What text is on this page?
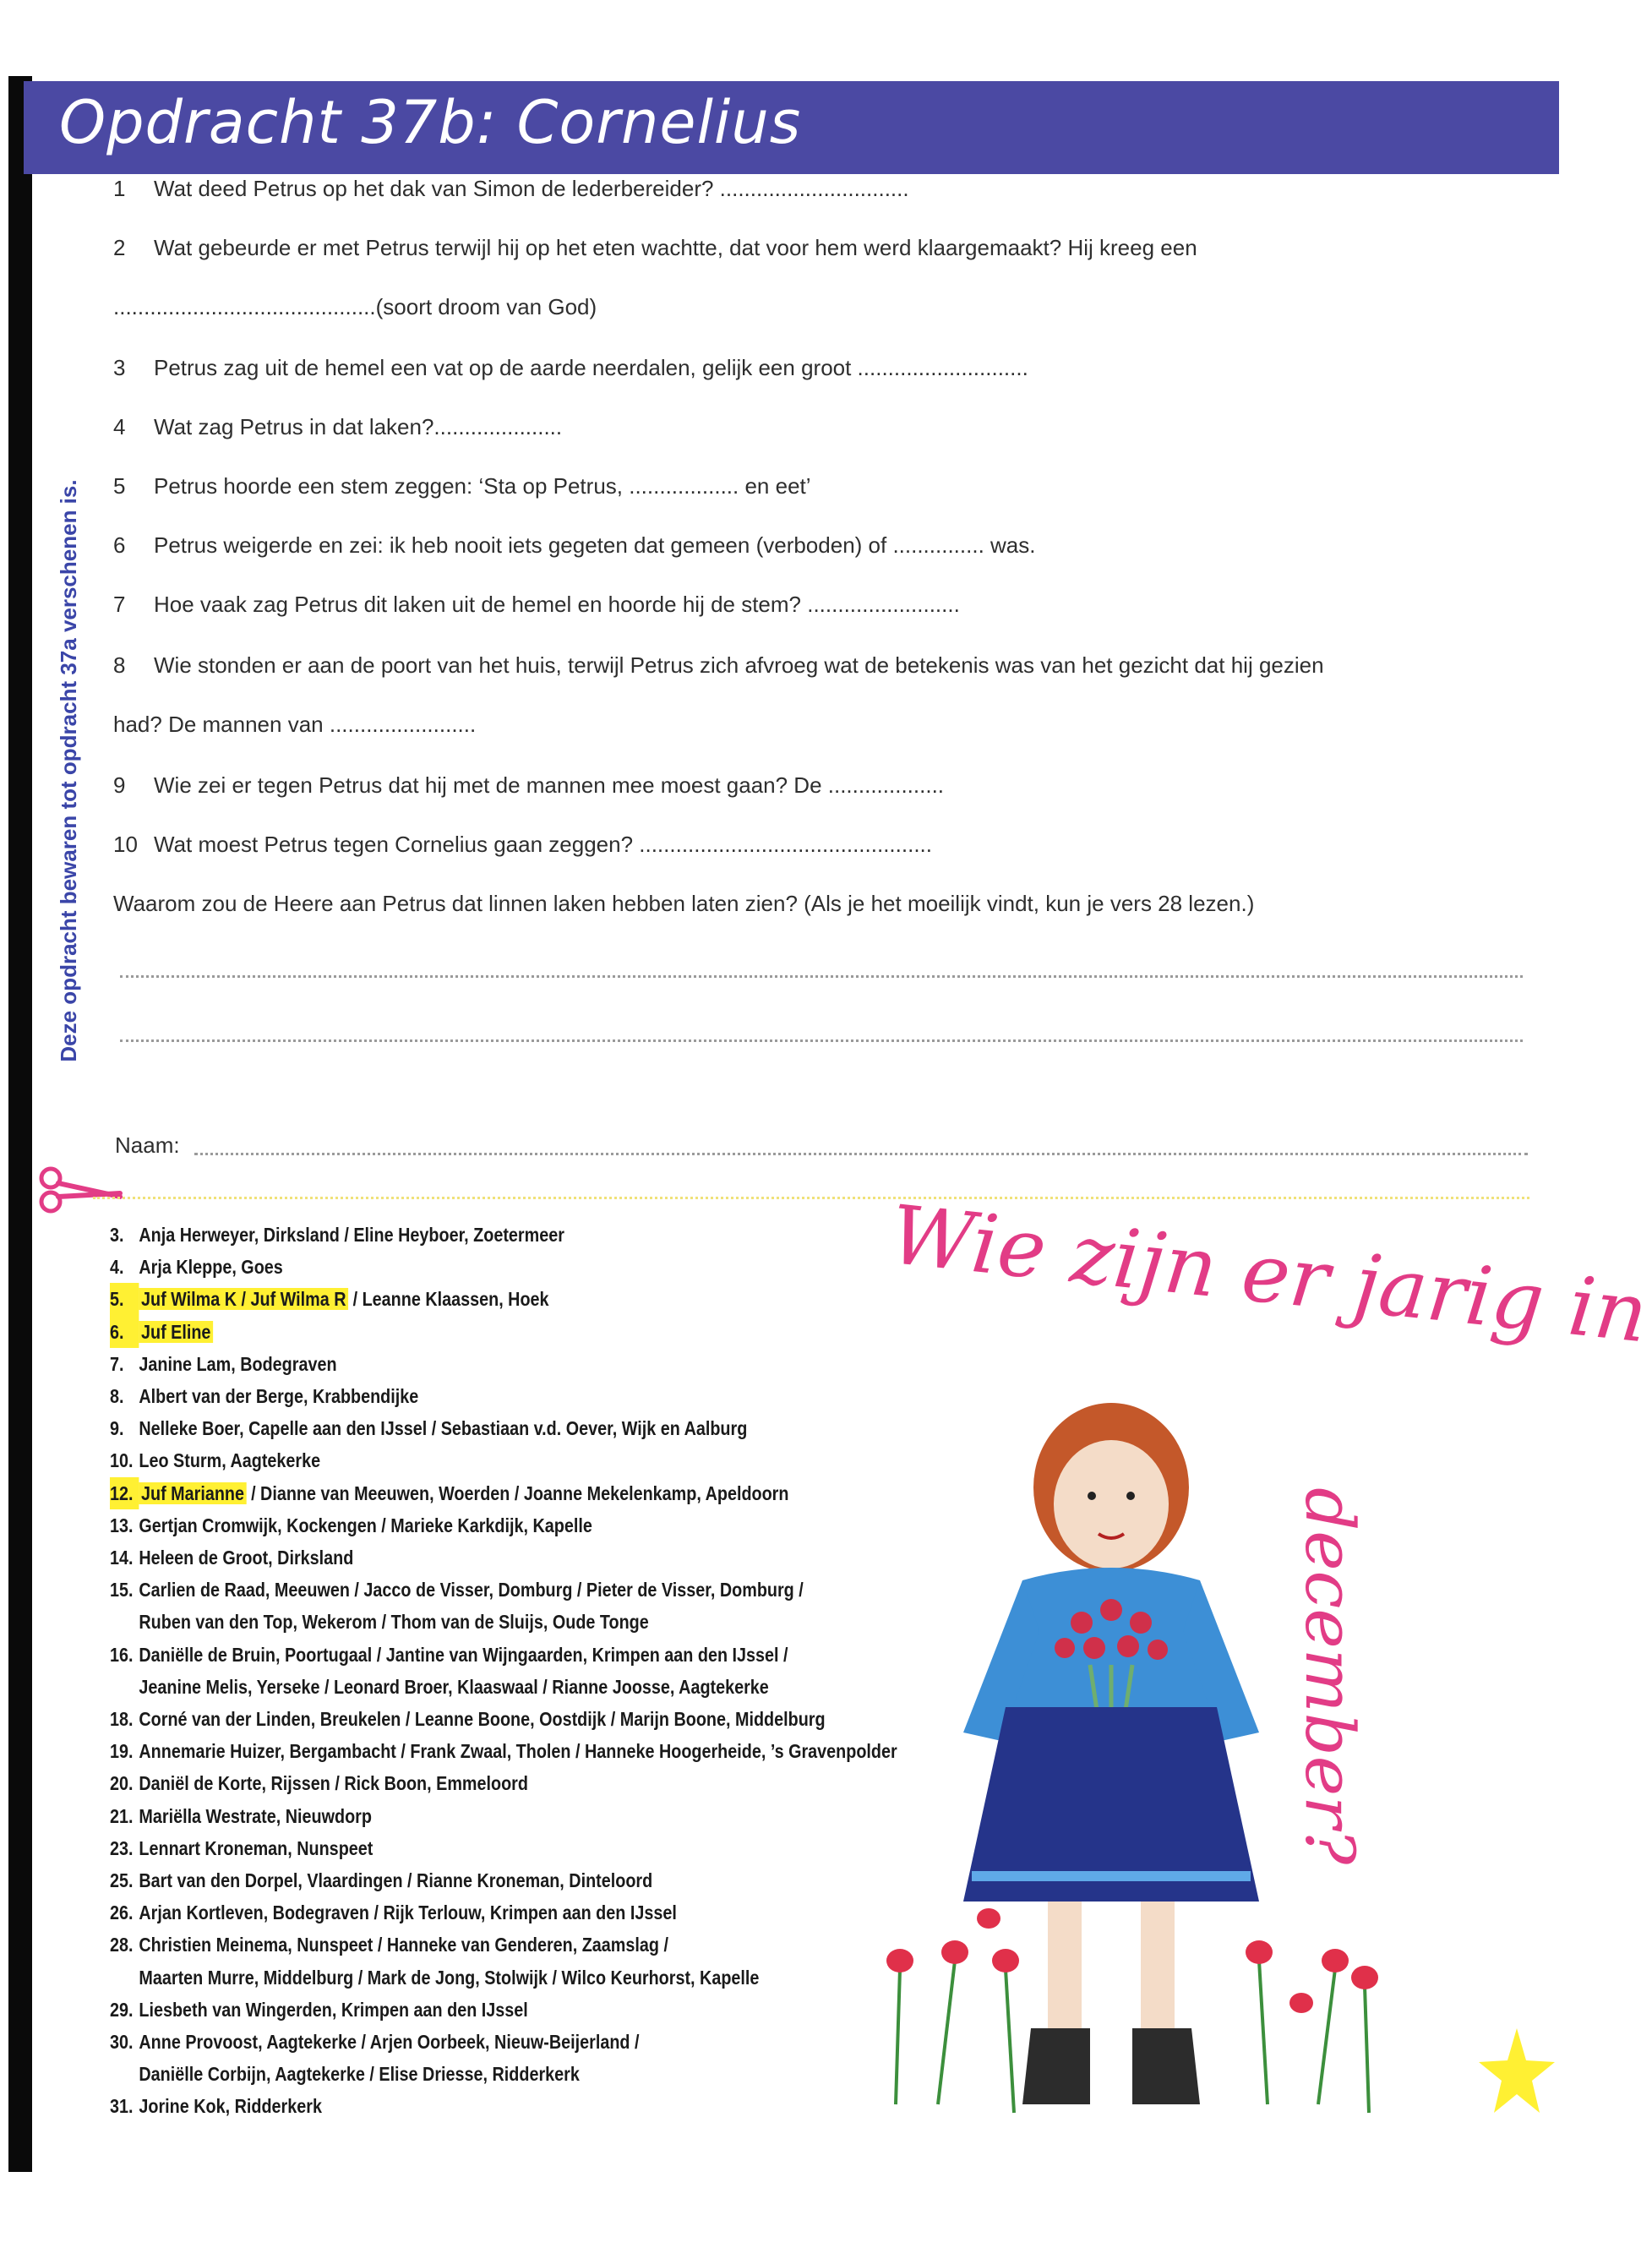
Opdracht 37b: Cornelius
Deze opdracht bewaren tot opdracht 37a verschenen is.
1 Wat deed Petrus op het dak van Simon de lederbereider? ...............................
2 Wat gebeurde er met Petrus terwijl hij op het eten wachtte, dat voor hem werd klaargemaakt? Hij kreeg een
...........................................(soort droom van God)
3 Petrus zag uit de hemel een vat op de aarde neerdalen, gelijk een groot ............................
4 Wat zag Petrus in dat laken?.....................
5 Petrus hoorde een stem zeggen: ‘Sta op Petrus, .................. en eet’
6 Petrus weigerde en zei: ik heb nooit iets gegeten dat gemeen (verboden) of ............... was.
7 Hoe vaak zag Petrus dit laken uit de hemel en hoorde hij de stem? .........................
8 Wie stonden er aan de poort van het huis, terwijl Petrus zich afvroeg wat de betekenis was van het gezicht dat hij gezien
had? De mannen van ........................
9 Wie zei er tegen Petrus dat hij met de mannen mee moest gaan? De ...................
10 Wat moest Petrus tegen Cornelius gaan zeggen? ................................................
Waarom zou de Heere aan Petrus dat linnen laken hebben laten zien? (Als je het moeilijk vindt, kun je vers 28 lezen.)
Naam:
3. Anja Herweyer, Dirksland / Eline Heyboer, Zoetermeer
4. Arja Kleppe, Goes
5. Juf Wilma K / Juf Wilma R / Leanne Klaassen, Hoek
6. Juf Eline
7. Janine Lam, Bodegraven
8. Albert van der Berge, Krabbendijke
9. Nelleke Boer, Capelle aan den IJssel / Sebastiaan v.d. Oever, Wijk en Aalburg
10. Leo Sturm, Aagtekerke
12. Juf Marianne / Dianne van Meeuwen, Woerden / Joanne Mekelenkamp, Apeldoorn
13. Gertjan Cromwijk, Kockengen / Marieke Karkdijk, Kapelle
14. Heleen de Groot, Dirksland
15. Carlien de Raad, Meeuwen / Jacco de Visser, Domburg / Pieter de Visser, Domburg /
Ruben van den Top, Wekerom / Thom van de Sluijs, Oude Tonge
16. Daniëlle de Bruin, Poortugaal / Jantine van Wijngaarden, Krimpen aan den IJssel /
Jeanine Melis, Yerseke / Leonard Broer, Klaaswaal / Rianne Joosse, Aagtekerke
18. Corné van der Linden, Breukelen / Leanne Boone, Oostdijk / Marijn Boone, Middelburg
19. Annemarie Huizer, Bergambacht / Frank Zwaal, Tholen / Hanneke Hoogerheide, ’s Gravenpolder
20. Daniël de Korte, Rijssen / Rick Boon, Emmeloord
21. Mariëlla Westrate, Nieuwdorp
23. Lennart Kroneman, Nunspeet
25. Bart van den Dorpel, Vlaardingen / Rianne Kroneman, Dinteloord
26. Arjan Kortleven, Bodegraven / Rijk Terlouw, Krimpen aan den IJssel
28. Christien Meinema, Nunspeet / Hanneke van Genderen, Zaamslag /
Maarten Murre, Middelburg / Mark de Jong, Stolwijk / Wilco Keurhorst, Kapelle
29. Liesbeth van Wingerden, Krimpen aan den IJssel
30. Anne Provoost, Aagtekerke / Arjen Oorbeek, Nieuw-Beijerland /
Daniëlle Corbijn, Aagtekerke / Elise Driesse, Ridderkerk
31. Jorine Kok, Ridderkerk
Wie zijn er jarig in
december?
